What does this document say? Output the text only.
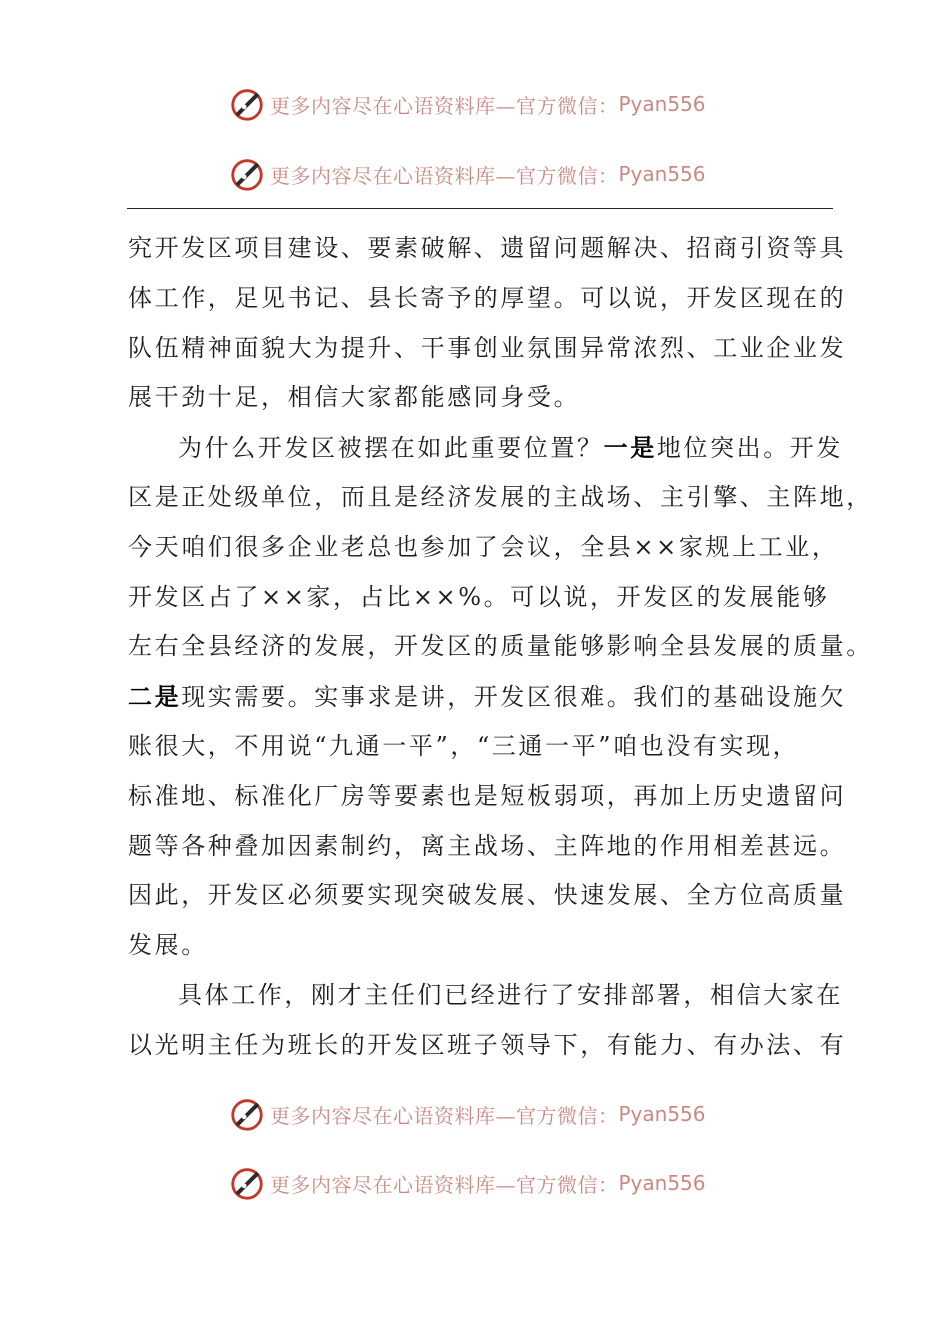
更多内容尽在心语资料库—官方微信： Pyan556
更多内容尽在心语资料库—官方微信： Pyan556
究开发区项目建设、要素破解、遗留问题解决、招商引资等具
体工作，足见书记、县长寄予的厚望。可以说，开发区现在的
队伍精神面貌大为提升、干事创业氛围异常浓烈、工业企业发
展干劲十足，相信大家都能感同身受。
为什么开发区被摆在如此重要位置？一是地位突出。开发
区是正处级单位，而且是经济发展的主战场、主引擎、主阵地，
今天咱们很多企业老总也参加了会议，全县××家规上工业，
开发区占了××家，占比××%。可以说，开发区的发展能够
左右全县经济的发展，开发区的质量能够影响全县发展的质量。
二是现实需要。实事求是讲，开发区很难。我们的基础设施欠
账很大，不用说“九通一平”，“三通一平”咱也没有实现，
标准地、标准化厂房等要素也是短板弱项，再加上历史遗留问
题等各种叠加因素制约，离主战场、主阵地的作用相差甚远。
因此，开发区必须要实现突破发展、快速发展、全方位高质量
发展。
具体工作，刚才主任们已经进行了安排部署，相信大家在
以光明主任为班长的开发区班子领导下，有能力、有办法、有
更多内容尽在心语资料库—官方微信： Pyan556
更多内容尽在心语资料库—官方微信： Pyan556
